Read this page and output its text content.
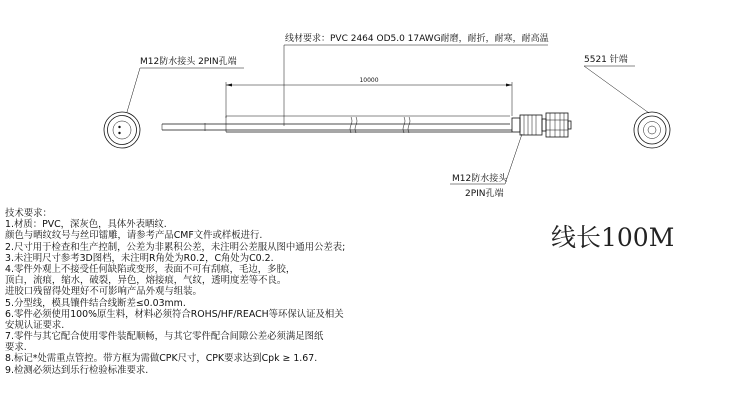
线材要求：PVC 2464 OD5.0 17AWG耐磨，耐折，耐寒，耐高温
M12防水接头 2PIN孔端	5521 针端
10000
M12防水接头
2PIN孔端
技术要求：
1.材质：PVC，深灰色，具体外表晒纹.
颜色与晒纹纹号与丝印镭雕，请参考产品CMF文件或样板进行.
2.尺寸用于检查和生产控制，公差为非累积公差，未注明公差服从图中通用公差表;
3.未注明尺寸参考3D图档，未注明R角处为R0.2，C角处为C0.2.
4.零件外观上不接受任何缺陷或变形，表面不可有刮痕，毛边，多胶，
顶白，流痕，缩水，破裂，异色，熔接痕，气纹，透明度差等不良。
进胶口残留得处理好不可影响产品外观与组装。
5.分型线，模具镶件结合线断差≤0.03mm.
6.零件必须使用100%原生料，材料必须符合ROHS/HF/REACH等环保认证及相关
安规认证要求.
7.零件与其它配合使用零件装配顺畅，与其它零件配合间隙公差必须满足图纸
要求.
8.标记*处需重点管控。带方框为需做CPK尺寸，CPK要求达到Cpk ≥ 1.67.
9.检测必须达到乐行检验标准要求.
线长100M
